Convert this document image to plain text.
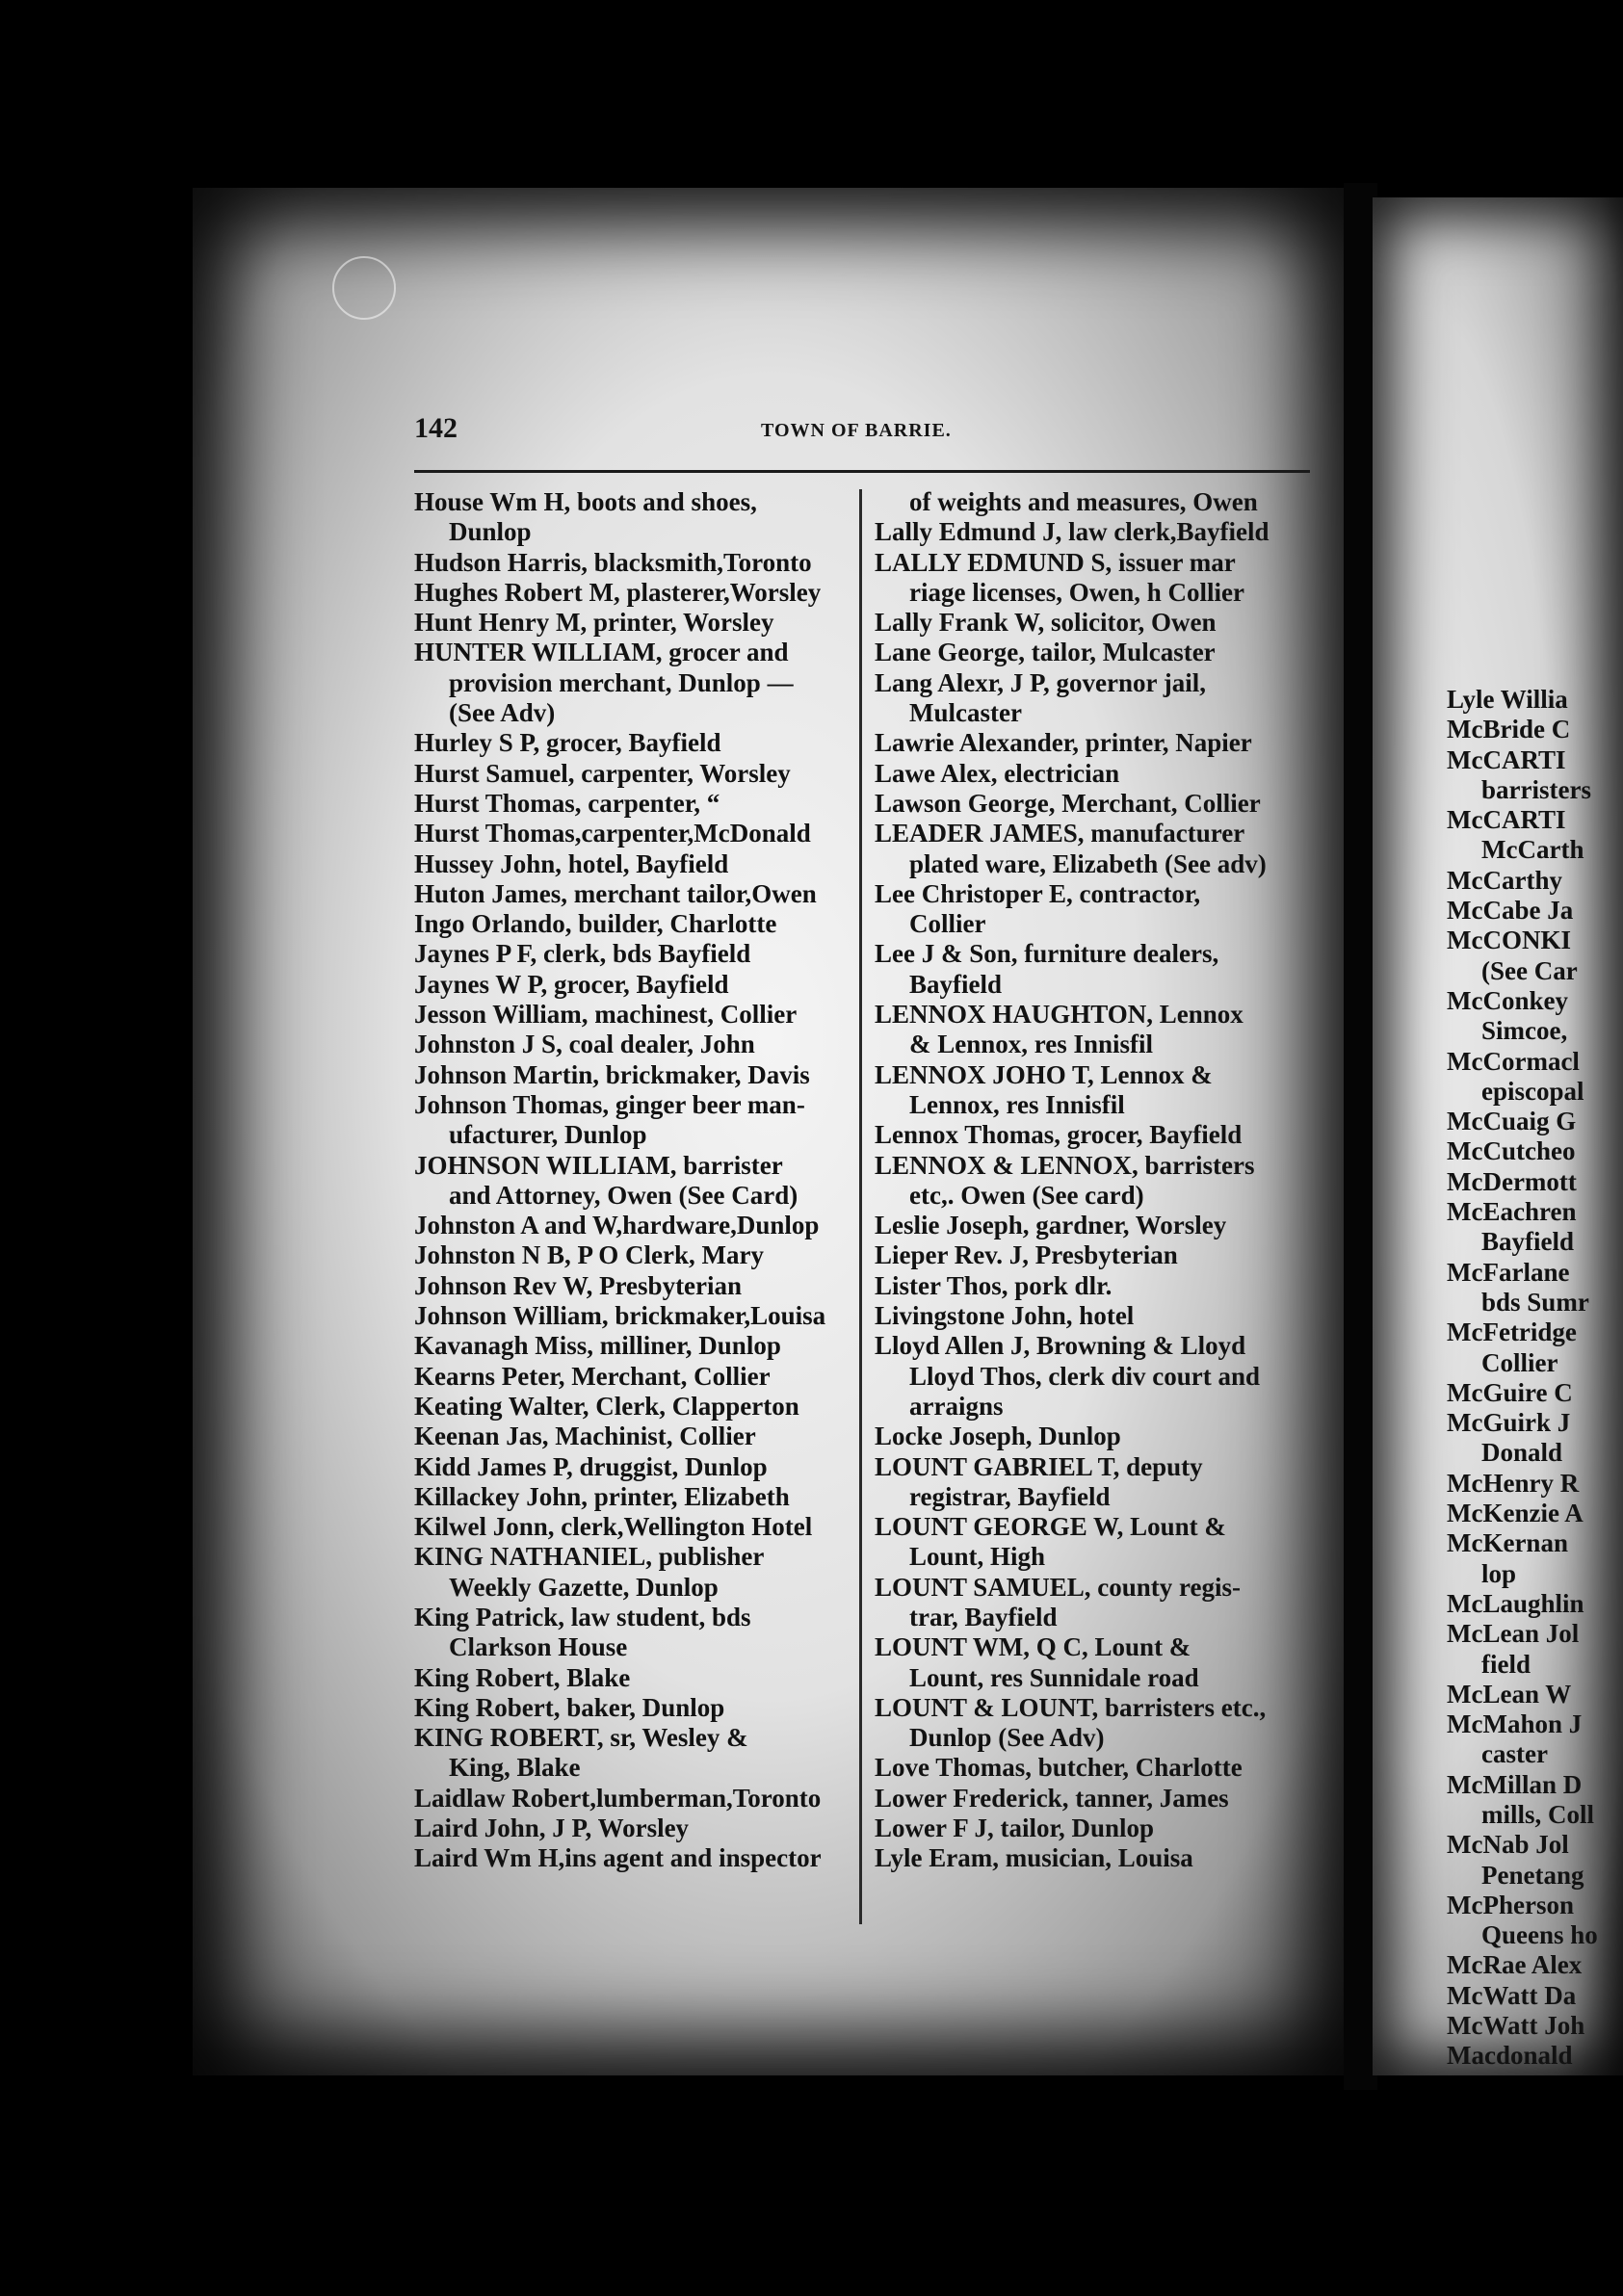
142	TOWN OF BARRIE.
House Wm H, boots and shoes,
Dunlop
Hudson Harris, blacksmith,Toronto
Hughes Robert M, plasterer,Worsley
Hunt Henry M, printer, Worsley
HUNTER WILLIAM, grocer and
provision merchant, Dunlop —
(See Adv)
Hurley S P, grocer, Bayfield
Hurst Samuel, carpenter, Worsley
Hurst Thomas, carpenter, “
Hurst Thomas,carpenter,McDonald
Hussey John, hotel, Bayfield
Huton James, merchant tailor,Owen
Ingo Orlando, builder, Charlotte
Jaynes P F, clerk, bds Bayfield
Jaynes W P, grocer, Bayfield
Jesson William, machinest, Collier
Johnston J S, coal dealer, John
Johnson Martin, brickmaker, Davis
Johnson Thomas, ginger beer man-
ufacturer, Dunlop
JOHNSON WILLIAM, barrister
and Attorney, Owen (See Card)
Johnston A and W,hardware,Dunlop
Johnston N B, P O Clerk, Mary
Johnson Rev W, Presbyterian
Johnson William, brickmaker,Louisa
Kavanagh Miss, milliner, Dunlop
Kearns Peter, Merchant, Collier
Keating Walter, Clerk, Clapperton
Keenan Jas, Machinist, Collier
Kidd James P, druggist, Dunlop
Killackey John, printer, Elizabeth
Kilwel Jonn, clerk,Wellington Hotel
KING NATHANIEL, publisher
Weekly Gazette, Dunlop
King Patrick, law student, bds
Clarkson House
King Robert, Blake
King Robert, baker, Dunlop
KING ROBERT, sr, Wesley &
King, Blake
Laidlaw Robert,lumberman,Toronto
Laird John, J P, Worsley
Laird Wm H,ins agent and inspector
of weights and measures, Owen
Lally Edmund J, law clerk,Bayfield
LALLY EDMUND S, issuer mar
riage licenses, Owen, h Collier
Lally Frank W, solicitor, Owen
Lane George, tailor, Mulcaster
Lang Alexr, J P, governor jail,
Mulcaster
Lawrie Alexander, printer, Napier
Lawe Alex, electrician
Lawson George, Merchant, Collier
LEADER JAMES, manufacturer
plated ware, Elizabeth (See adv)
Lee Christoper E, contractor,
Collier
Lee J & Son, furniture dealers,
Bayfield
LENNOX HAUGHTON, Lennox
& Lennox, res Innisfil
LENNOX JOHO T, Lennox &
Lennox, res Innisfil
Lennox Thomas, grocer, Bayfield
LENNOX & LENNOX, barristers
etc,. Owen (See card)
Leslie Joseph, gardner, Worsley
Lieper Rev. J, Presbyterian
Lister Thos, pork dlr.
Livingstone John, hotel
Lloyd Allen J, Browning & Lloyd
Lloyd Thos, clerk div court and
arraigns
Locke Joseph, Dunlop
LOUNT GABRIEL T, deputy
registrar, Bayfield
LOUNT GEORGE W, Lount &
Lount, High
LOUNT SAMUEL, county regis-
trar, Bayfield
LOUNT WM, Q C, Lount &
Lount, res Sunnidale road
LOUNT & LOUNT, barristers etc.,
Dunlop (See Adv)
Love Thomas, butcher, Charlotte
Lower Frederick, tanner, James
Lower F J, tailor, Dunlop
Lyle Eram, musician, Louisa
Lyle Willia
McBride C
McCARTI
barristers
McCARTI
McCarth
McCarthy
McCabe Ja
McCONKI
(See Car
McConkey
Simcoe,
McCormacl
episcopal
McCuaig G
McCutcheo
McDermott
McEachren
Bayfield
McFarlane
bds Sumr
McFetridge
Collier
McGuire C
McGuirk J
Donald
McHenry R
McKenzie A
McKernan
lop
McLaughlin
McLean Jol
field
McLean W
McMahon J
caster
McMillan D
mills, Coll
McNab Jol
Penetang
McPherson
Queens ho
McRae Alex
McWatt Da
McWatt Joh
Macdonald
